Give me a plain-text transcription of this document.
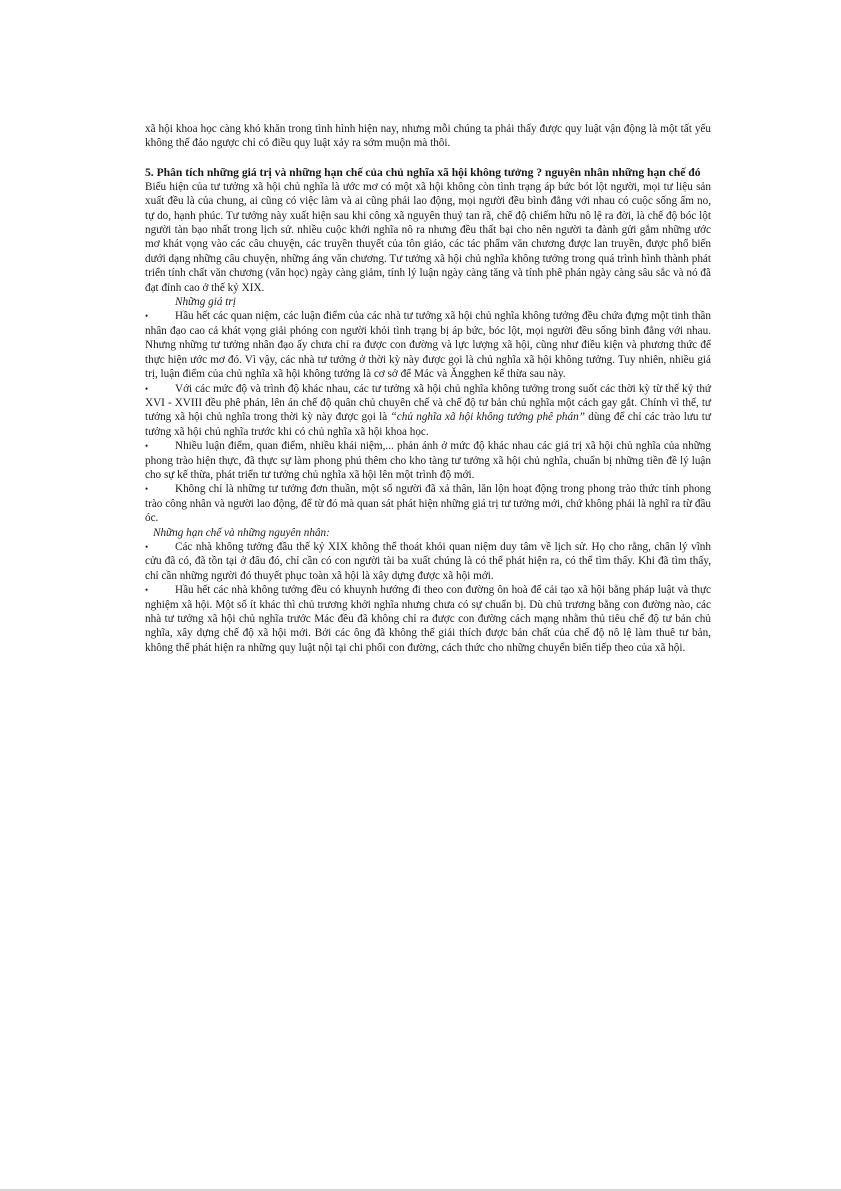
xã hội khoa học càng khó khăn trong tình hình hiện nay, nhưng mỗi chúng ta phải thấy được quy luật vận động là một tất yếu không thể đảo ngược chỉ có điều quy luật xảy ra sớm muộn mà thôi.

5. Phân tích những giá trị và những hạn chế của chủ nghĩa xã hội không tưởng ? nguyên nhân những hạn chế đó

Biểu hiện của tư tưởng xã hội chủ nghĩa là ước mơ có một xã hội không còn tình trạng áp bức bót lột người, mọi tư liệu sản xuất đều là của chung, ai cũng có việc làm và ai cũng phải lao động, mọi người đều bình đẳng với nhau có cuộc sống ấm no, tự do, hạnh phúc. Tư tưởng này xuất hiện sau khi công xã nguyên thuỷ tan rã, chế độ chiếm hữu nô lệ ra đời, là chế độ bóc lột người tàn bạo nhất trong lịch sử. nhiều cuộc khởi nghĩa nô ra nhưng đều thất bại cho nên người ta đành gửi gắm những ước mơ khát vọng vào các câu chuyện, các truyền thuyết của tôn giáo, các tác phẩm văn chương được lan truyền, được phổ biến dưới dạng những câu chuyện, những áng văn chương. Tư tưởng xã hội chủ nghĩa không tưởng trong quá trình hình thành phát triển tính chất văn chương (văn học) ngày càng giảm, tính lý luận ngày càng tăng và tính phê phán ngày càng sâu sắc và nó đã đạt đỉnh cao ở thế kỷ XIX.

Những giá trị

• Hầu hết các quan niệm, các luận điểm của các nhà tư tưởng xã hội chủ nghĩa không tưởng đều chứa đựng một tinh thần nhân đạo cao cả khát vọng giải phóng con người khỏi tình trạng bị áp bức, bóc lột, mọi người đều sống bình đẳng với nhau. Nhưng những tư tưởng nhân đạo ấy chưa chỉ ra được con đường và lực lượng xã hội, cũng như điều kiện và phương thức để thực hiện ước mơ đó. Vì vậy, các nhà tư tưởng ở thời kỳ này được gọi là chủ nghĩa xã hội không tưởng. Tuy nhiên, nhiều giá trị, luận điểm của chủ nghĩa xã hội không tưởng là cơ sở để Mác và Ăngghen kế thừa sau này.

• Với các mức độ và trình độ khác nhau, các tư tưởng xã hội chủ nghĩa không tưởng trong suốt các thời kỳ từ thế kỷ thứ XVI - XVIII đều phê phán, lên án chế độ quân chủ chuyên chế và chế độ tư bản chủ nghĩa một cách gay gắt. Chính vì thế, tư tưởng xã hội chủ nghĩa trong thời kỳ này được gọi là “chủ nghĩa xã hội không tưởng phê phán” dùng để chỉ các trào lưu tư tưởng xã hội chủ nghĩa trước khi có chủ nghĩa xã hội khoa học.

• Nhiều luận điểm, quan điểm, nhiều khái niệm,... phản ánh ở mức độ khác nhau các giá trị xã hội chủ nghĩa của những phong trào hiện thực, đã thực sự làm phong phú thêm cho kho tàng tư tưởng xã hội chủ nghĩa, chuẩn bị những tiền đề lý luận cho sự kế thừa, phát triển tư tưởng chủ nghĩa xã hội lên một trình độ mới.

• Không chỉ là những tư tưởng đơn thuần, một số người đã xả thân, lăn lộn hoạt động trong phong trào thức tỉnh phong trào công nhân và người lao động, để từ đó mà quan sát phát hiện những giá trị tư tưởng mới, chứ không phải là nghĩ ra từ đầu óc.

Những hạn chế và những nguyên nhân:

• Các nhà không tưởng đầu thế kỷ XIX không thể thoát khỏi quan niệm duy tâm về lịch sử. Họ cho rằng, chân lý vĩnh cửu đã có, đã tồn tại ở đâu đó, chỉ cần có con người tài ba xuất chúng là có thể phát hiện ra, có thể tìm thấy. Khi đã tìm thấy, chỉ cần những người đó thuyết phục toàn xã hội là xây dựng được xã hội mới.

• Hầu hết các nhà không tưởng đều có khuynh hướng đi theo con đường ôn hoà để cải tạo xã hội bằng pháp luật và thực nghiệm xã hội. Một số ít khác thì chủ trương khởi nghĩa nhưng chưa có sự chuẩn bị. Dù chủ trương bằng con đường nào, các nhà tư tưởng xã hội chủ nghĩa trước Mác đều đã không chỉ ra được con đường cách mạng nhằm thủ tiêu chế độ tư bản chủ nghĩa, xây dựng chế độ xã hội mới. Bởi các ông đã không thể giải thích được bản chất của chế độ nô lệ làm thuê tư bản, không thể phát hiện ra những quy luật nội tại chi phối con đường, cách thức cho những chuyển biến tiếp theo của xã hội.
